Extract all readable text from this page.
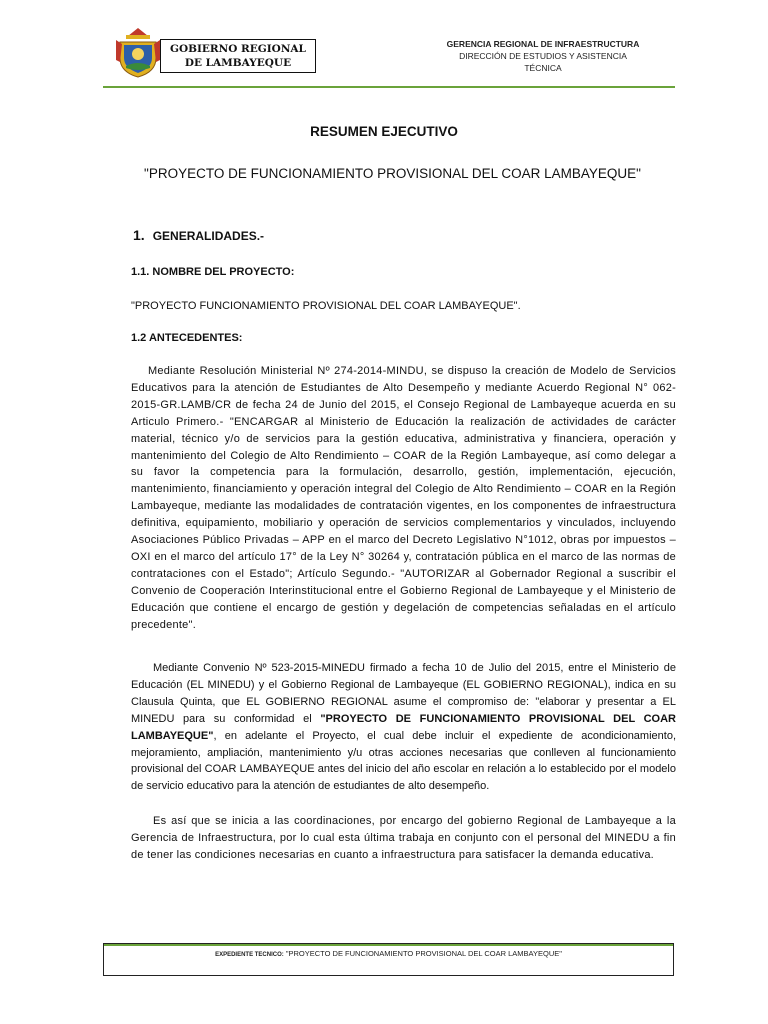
GOBIERNO REGIONAL
DE LAMBAYEQUE
GERENCIA REGIONAL DE INFRAESTRUCTURA
DIRECCIÓN DE ESTUDIOS Y ASISTENCIA
TÉCNICA
RESUMEN EJECUTIVO
"PROYECTO DE FUNCIONAMIENTO PROVISIONAL DEL COAR LAMBAYEQUE"
1. GENERALIDADES.-
1.1. NOMBRE DEL PROYECTO:
"PROYECTO FUNCIONAMIENTO PROVISIONAL DEL COAR LAMBAYEQUE".
1.2 ANTECEDENTES:
Mediante Resolución Ministerial Nº 274-2014-MINDU, se dispuso la creación de Modelo de Servicios Educativos para la atención de Estudiantes de Alto Desempeño y mediante Acuerdo Regional N° 062-2015-GR.LAMB/CR de fecha 24 de Junio del 2015, el Consejo Regional de Lambayeque acuerda en su Articulo Primero.- "ENCARGAR al Ministerio de Educación la realización de actividades de carácter material, técnico y/o de servicios para la gestión educativa, administrativa y financiera, operación y mantenimiento del Colegio de Alto Rendimiento – COAR de la Región Lambayeque, así como delegar a su favor la competencia para la formulación, desarrollo, gestión, implementación, ejecución, mantenimiento, financiamiento y operación integral del Colegio de Alto Rendimiento – COAR en la Región Lambayeque, mediante las modalidades de contratación vigentes, en los componentes de infraestructura definitiva, equipamiento, mobiliario y operación de servicios complementarios y vinculados, incluyendo Asociaciones Público Privadas – APP en el marco del Decreto Legislativo N°1012, obras por impuestos – OXI en el marco del artículo 17° de la Ley N° 30264 y, contratación pública en el marco de las normas de contrataciones con el Estado"; Artículo Segundo.- "AUTORIZAR al Gobernador Regional a suscribir el Convenio de Cooperación Interinstitucional entre el Gobierno Regional de Lambayeque y el Ministerio de Educación que contiene el encargo de gestión y degelación de competencias señaladas en el artículo precedente".
Mediante Convenio Nº 523-2015-MINEDU firmado a fecha 10 de Julio del 2015, entre el Ministerio de Educación (EL MINEDU) y el Gobierno Regional de Lambayeque (EL GOBIERNO REGIONAL), indica en su Clausula Quinta, que EL GOBIERNO REGIONAL asume el compromiso de: "elaborar y presentar a EL MINEDU para su conformidad el "PROYECTO DE FUNCIONAMIENTO PROVISIONAL DEL COAR LAMBAYEQUE", en adelante el Proyecto, el cual debe incluir el expediente de acondicionamiento, mejoramiento, ampliación, mantenimiento y/u otras acciones necesarias que conlleven al funcionamiento provisional del COAR LAMBAYEQUE antes del inicio del año escolar en relación a lo establecido por el modelo de servicio educativo para la atención de estudiantes de alto desempeño.
Es así que se inicia a las coordinaciones, por encargo del gobierno Regional de Lambayeque a la Gerencia de Infraestructura, por lo cual esta última trabaja en conjunto con el personal del MINEDU a fin de tener las condiciones necesarias en cuanto a infraestructura para satisfacer la demanda educativa.
EXPEDIENTE TECNICO: "PROYECTO DE FUNCIONAMIENTO PROVISIONAL DEL COAR LAMBAYEQUE"
